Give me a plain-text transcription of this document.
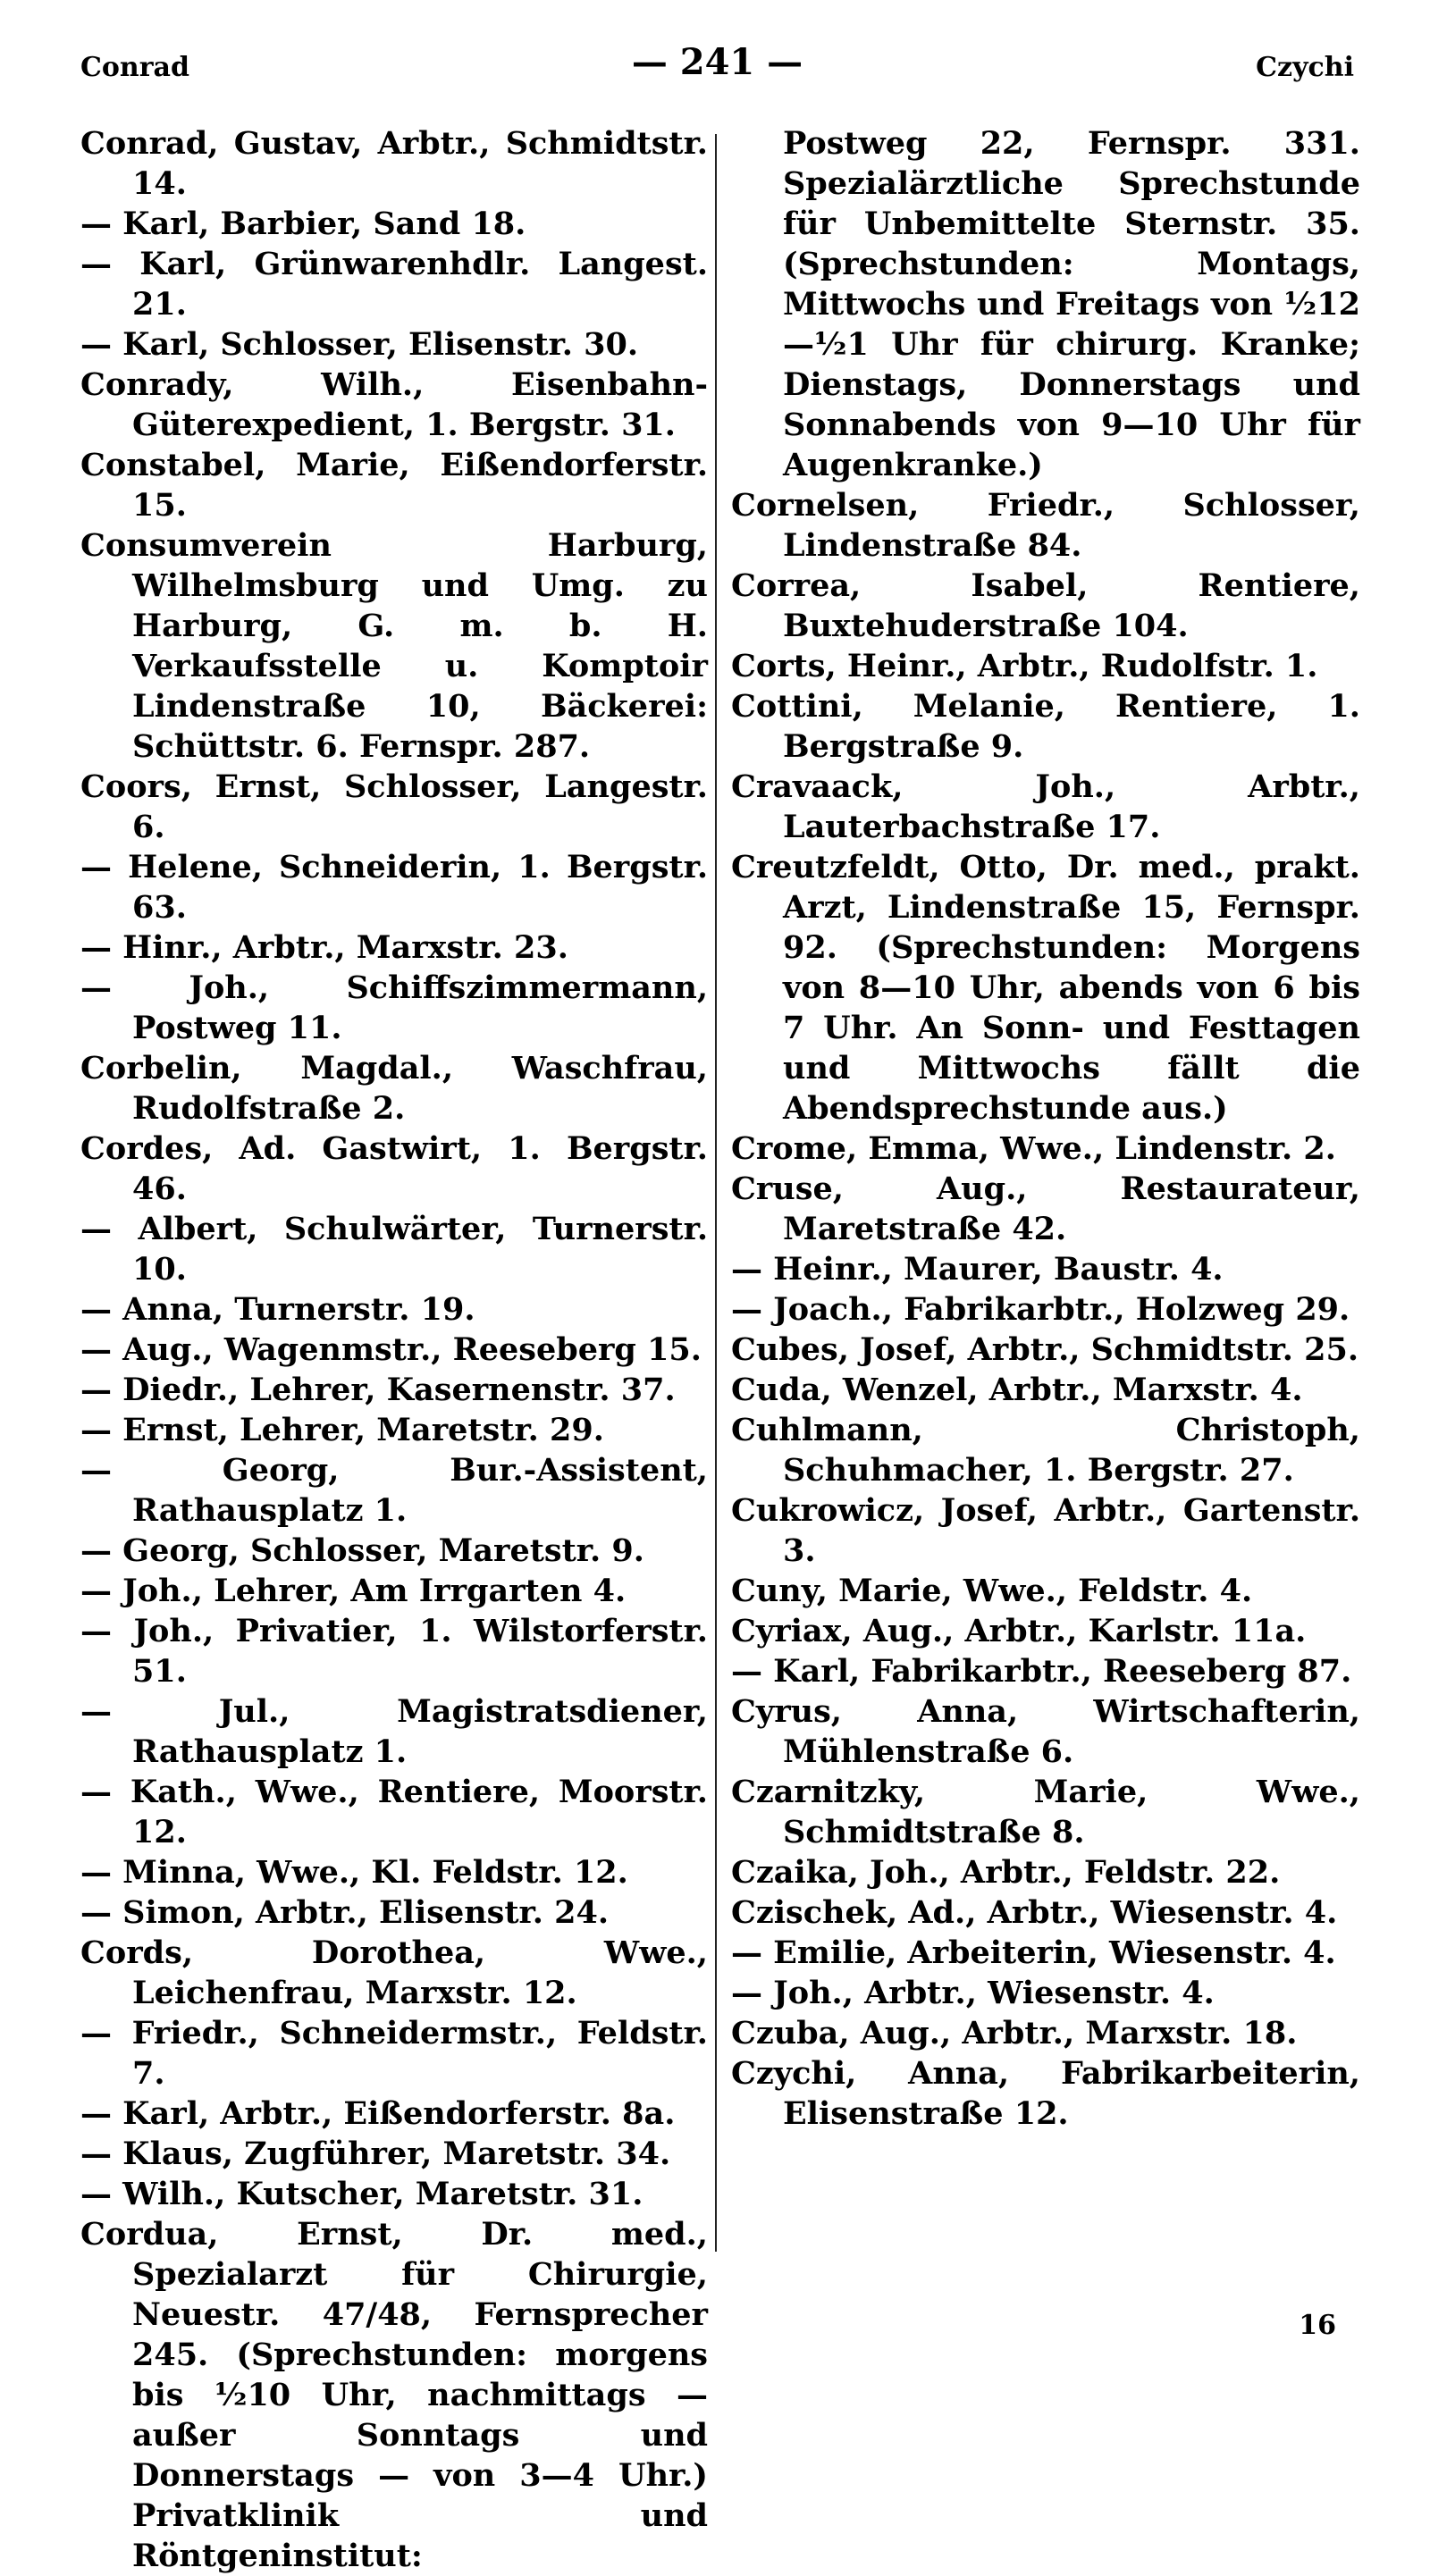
Conrad	— 241 —	Czychi

Conrad, Gustav, Arbtr., Schmidtstr. 14.

— Karl, Barbier, Sand 18.

— Karl, Grünwarenhdlr. Langest. 21.

— Karl, Schlosser, Elisenstr. 30.

Conrady, Wilh., Eisenbahn-Güterexpedient, 1. Bergstr. 31.

Constabel, Marie, Eißendorferstr. 15.

Consumverein Harburg, Wilhelmsburg und Umg. zu Harburg, G. m. b. H. Verkaufsstelle u. Komptoir Lindenstraße 10, Bäckerei: Schüttstr. 6. Fernspr. 287.

Coors, Ernst, Schlosser, Langestr. 6.

— Helene, Schneiderin, 1. Bergstr. 63.

— Hinr., Arbtr., Marxstr. 23.

— Joh., Schiffszimmermann, Postweg 11.

Corbelin, Magdal., Waschfrau, Rudolfstraße 2.

Cordes, Ad. Gastwirt, 1. Bergstr. 46.

— Albert, Schulwärter, Turnerstr. 10.

— Anna, Turnerstr. 19.

— Aug., Wagenmstr., Reeseberg 15.

— Diedr., Lehrer, Kasernenstr. 37.

— Ernst, Lehrer, Maretstr. 29.

— Georg, Bur.-Assistent, Rathausplatz 1.

— Georg, Schlosser, Maretstr. 9.

— Joh., Lehrer, Am Irrgarten 4.

— Joh., Privatier, 1. Wilstorferstr. 51.

— Jul., Magistratsdiener, Rathausplatz 1.

— Kath., Wwe., Rentiere, Moorstr. 12.

— Minna, Wwe., Kl. Feldstr. 12.

— Simon, Arbtr., Elisenstr. 24.

Cords, Dorothea, Wwe., Leichenfrau, Marxstr. 12.

— Friedr., Schneidermstr., Feldstr. 7.

— Karl, Arbtr., Eißendorferstr. 8a.

— Klaus, Zugführer, Maretstr. 34.

— Wilh., Kutscher, Maretstr. 31.

Cordua, Ernst, Dr. med., Spezialarzt für Chirurgie, Neuestr. 47/48, Fernsprecher 245. (Sprechstunden: morgens bis ½10 Uhr, nachmittags — außer Sonntags und Donnerstags — von 3—4 Uhr.) Privatklinik und Röntgeninstitut:

Postweg 22, Fernspr. 331. Spezialärztliche Sprechstunde für Unbemittelte Sternstr. 35. (Sprechstunden: Montags, Mittwochs und Freitags von ½12—½1 Uhr für chirurg. Kranke; Dienstags, Donnerstags und Sonnabends von 9—10 Uhr für Augenkranke.)

Cornelsen, Friedr., Schlosser, Lindenstraße 84.

Correa, Isabel, Rentiere, Buxtehuderstraße 104.

Corts, Heinr., Arbtr., Rudolfstr. 1.

Cottini, Melanie, Rentiere, 1. Bergstraße 9.

Cravaack, Joh., Arbtr., Lauterbachstraße 17.

Creutzfeldt, Otto, Dr. med., prakt. Arzt, Lindenstraße 15, Fernspr. 92. (Sprechstunden: Morgens von 8—10 Uhr, abends von 6 bis 7 Uhr. An Sonn- und Festtagen und Mittwochs fällt die Abendsprechstunde aus.)

Crome, Emma, Wwe., Lindenstr. 2.

Cruse, Aug., Restaurateur, Maretstraße 42.

— Heinr., Maurer, Baustr. 4.

— Joach., Fabrikarbtr., Holzweg 29.

Cubes, Josef, Arbtr., Schmidtstr. 25.

Cuda, Wenzel, Arbtr., Marxstr. 4.

Cuhlmann, Christoph, Schuhmacher, 1. Bergstr. 27.

Cukrowicz, Josef, Arbtr., Gartenstr. 3.

Cuny, Marie, Wwe., Feldstr. 4.

Cyriax, Aug., Arbtr., Karlstr. 11a.

— Karl, Fabrikarbtr., Reeseberg 87.

Cyrus, Anna, Wirtschafterin, Mühlenstraße 6.

Czarnitzky, Marie, Wwe., Schmidtstraße 8.

Czaika, Joh., Arbtr., Feldstr. 22.

Czischek, Ad., Arbtr., Wiesenstr. 4.

— Emilie, Arbeiterin, Wiesenstr. 4.

— Joh., Arbtr., Wiesenstr. 4.

Czuba, Aug., Arbtr., Marxstr. 18.

Czychi, Anna, Fabrikarbeiterin, Elisenstraße 12.

16
